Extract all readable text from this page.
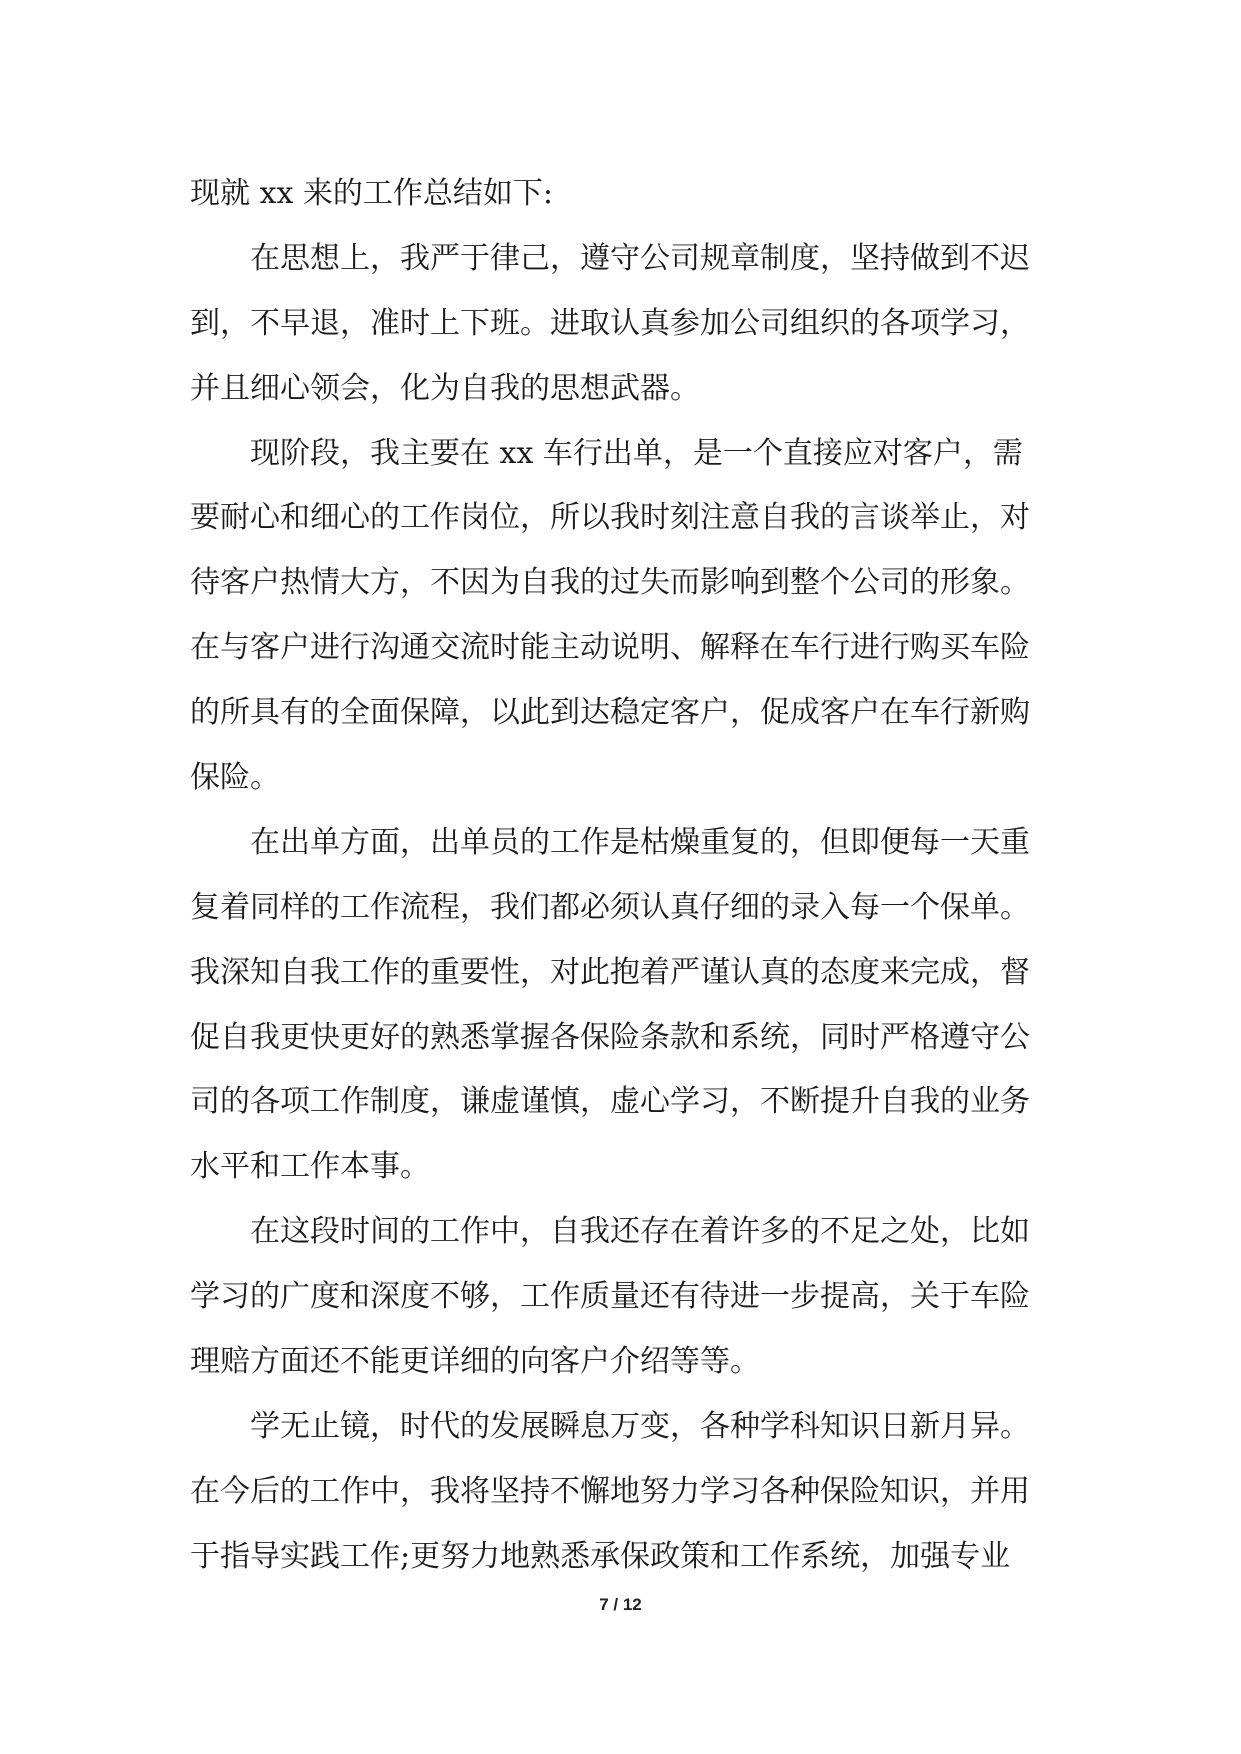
现就 xx 来的工作总结如下:
在思想上，我严于律己，遵守公司规章制度，坚持做到不迟
到，不早退，准时上下班。进取认真参加公司组织的各项学习，
并且细心领会，化为自我的思想武器。
现阶段，我主要在 xx 车行出单，是一个直接应对客户，需
要耐心和细心的工作岗位，所以我时刻注意自我的言谈举止，对
待客户热情大方，不因为自我的过失而影响到整个公司的形象。
在与客户进行沟通交流时能主动说明、解释在车行进行购买车险
的所具有的全面保障，以此到达稳定客户，促成客户在车行新购
保险。
在出单方面，出单员的工作是枯燥重复的，但即便每一天重
复着同样的工作流程，我们都必须认真仔细的录入每一个保单。
我深知自我工作的重要性，对此抱着严谨认真的态度来完成，督
促自我更快更好的熟悉掌握各保险条款和系统，同时严格遵守公
司的各项工作制度，谦虚谨慎，虚心学习，不断提升自我的业务
水平和工作本事。
在这段时间的工作中，自我还存在着许多的不足之处，比如
学习的广度和深度不够，工作质量还有待进一步提高，关于车险
理赔方面还不能更详细的向客户介绍等等。
学无止镜，时代的发展瞬息万变，各种学科知识日新月异。
在今后的工作中，我将坚持不懈地努力学习各种保险知识，并用
于指导实践工作;更努力地熟悉承保政策和工作系统，加强专业
7 / 12
